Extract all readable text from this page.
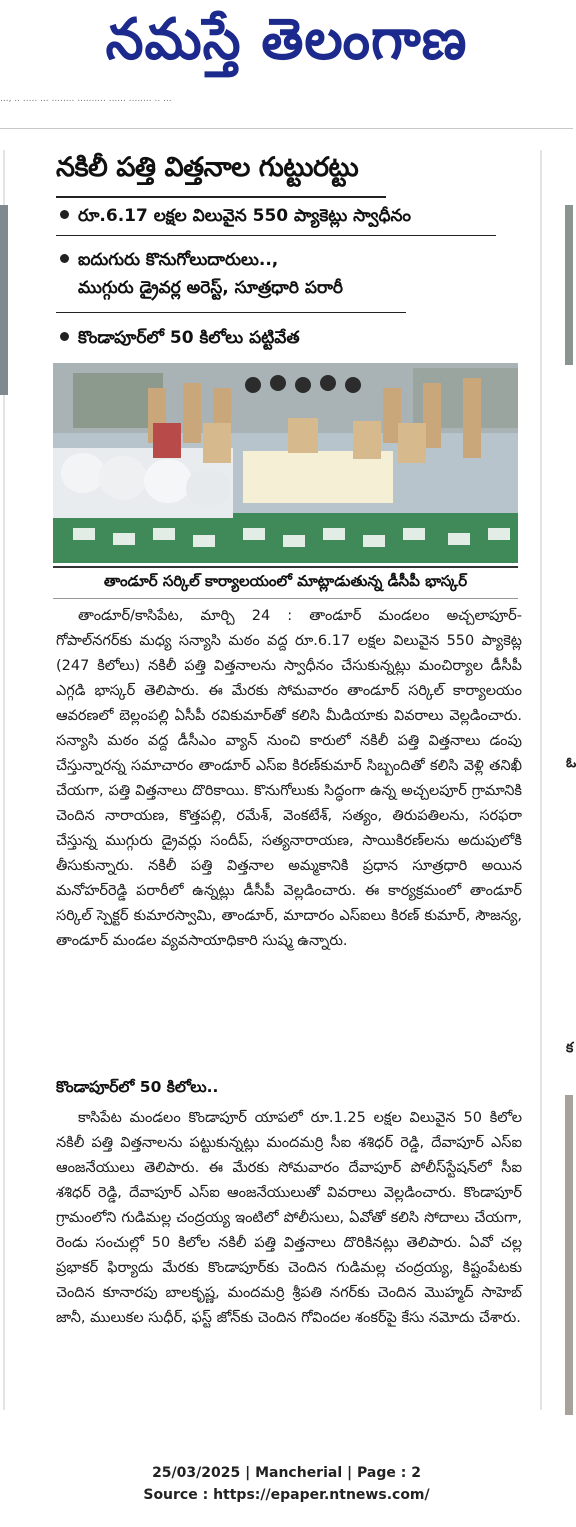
నమస్తే తెలంగాణ
..., .. ..... ... ........ .......... ...... ........ .. ...
ఓ
క
నకిలీ పత్తి విత్తనాల గుట్టురట్టు
రూ.6.17 లక్షల విలువైన 550 ప్యాకెట్లు స్వాధీనం
ఐదుగురు కొనుగోలుదారులు..,
ముగ్గురు డ్రైవర్ల అరెస్ట్, సూత్రధారి పరారీ
కొండాపూర్‌లో 50 కిలోలు పట్టివేత
తాండూర్ సర్కిల్ కార్యాలయంలో మాట్లాడుతున్న డీసీపీ భాస్కర్

తాండూర్/కాసిపేట, మార్చి 24 : తాండూర్ మండలం అచ్చలాపూర్-గోపాల్‌నగర్‌కు మధ్య సన్యాసి మఠం వద్ద రూ.6.17 లక్షల విలువైన 550 ప్యాకెట్ల (247 కిలోలు) నకిలీ పత్తి విత్తనాలను స్వాధీనం చేసుకున్నట్లు మంచిర్యాల డీసీపీ ఎగ్గడి భాస్కర్ తెలిపారు. ఈ మేరకు సోమవారం తాండూర్ సర్కిల్ కార్యాలయం ఆవరణలో బెల్లంపల్లి ఏసీపీ రవికుమార్‌తో కలిసి మీడియాకు వివరాలు వెల్లడించారు. సన్యాసి మఠం వద్ద డీసీఎం వ్యాన్ నుంచి కారులో నకిలీ పత్తి విత్తనాలు డంపు చేస్తున్నారన్న సమాచారం తాండూర్ ఎస్ఐ కిరణ్‌కుమార్ సిబ్బందితో కలిసి వెళ్లి తనిఖీ చేయగా, పత్తి విత్తనాలు దొరికాయి. కొనుగోలుకు సిద్ధంగా ఉన్న అచ్చలపూర్ గ్రామానికి చెందిన నారాయణ, కొత్తపల్లి, రమేశ్, వెంకటేశ్, సత్యం, తిరుపతిలను, సరఫరా చేస్తున్న ముగ్గురు డ్రైవర్లు సందీప్, సత్యనారాయణ, సాయికిరణ్‌లను అదుపులోకి తీసుకున్నారు. నకిలీ పత్తి విత్తనాల అమ్మకానికి ప్రధాన సూత్రధారి అయిన మనోహర్‌రెడ్డి పరారీలో ఉన్నట్లు డీసీపీ వెల్లడించారు. ఈ కార్యక్రమంలో తాండూర్ సర్కిల్ స్పెక్టర్ కుమారస్వామి, తాండూర్, మాదారం ఎస్ఐలు కిరణ్ కుమార్, సౌజన్య, తాండూర్ మండల వ్యవసాయాధికారి సుష్మ ఉన్నారు.

కొండాపూర్‌లో 50 కిలోలు..

కాసిపేట మండలం కొండాపూర్ యాపలో రూ.1.25 లక్షల విలువైన 50 కిలోల నకిలీ పత్తి విత్తనాలను పట్టుకున్నట్లు మందమర్రి సీఐ శశిధర్ రెడ్డి, దేవాపూర్ ఎస్ఐ ఆంజనేయులు తెలిపారు. ఈ మేరకు సోమవారం దేవాపూర్ పోలీస్‌స్టేషన్‌లో సీఐ శశిధర్ రెడ్డి, దేవాపూర్ ఎస్ఐ ఆంజనేయులుతో వివరాలు వెల్లడించారు. కొండాపూర్ గ్రామంలోని గుడిమల్ల చంద్రయ్య ఇంటిలో పోలీసులు, ఏవోతో కలిసి సోదాలు చేయగా, రెండు సంచుల్లో 50 కిలోల నకిలీ పత్తి విత్తనాలు దొరికినట్లు తెలిపారు. ఏవో చల్ల ప్రభాకర్ ఫిర్యాదు మేరకు కొండాపూర్‌కు చెందిన గుడిమల్ల చంద్రయ్య, కిష్టంపేటకు చెందిన కూనారపు బాలకృష్ణ, మందమర్రి శ్రీపతి నగర్‌కు చెందిన మొహ్మద్ సాహెబ్ జానీ, ములుకల సుధీర్, ఫస్ట్ జోన్‌కు చెందిన గోవిందల శంకర్‌పై కేసు నమోదు చేశారు.

25/03/2025 | Mancherial | Page : 2
Source : https://epaper.ntnews.com/
